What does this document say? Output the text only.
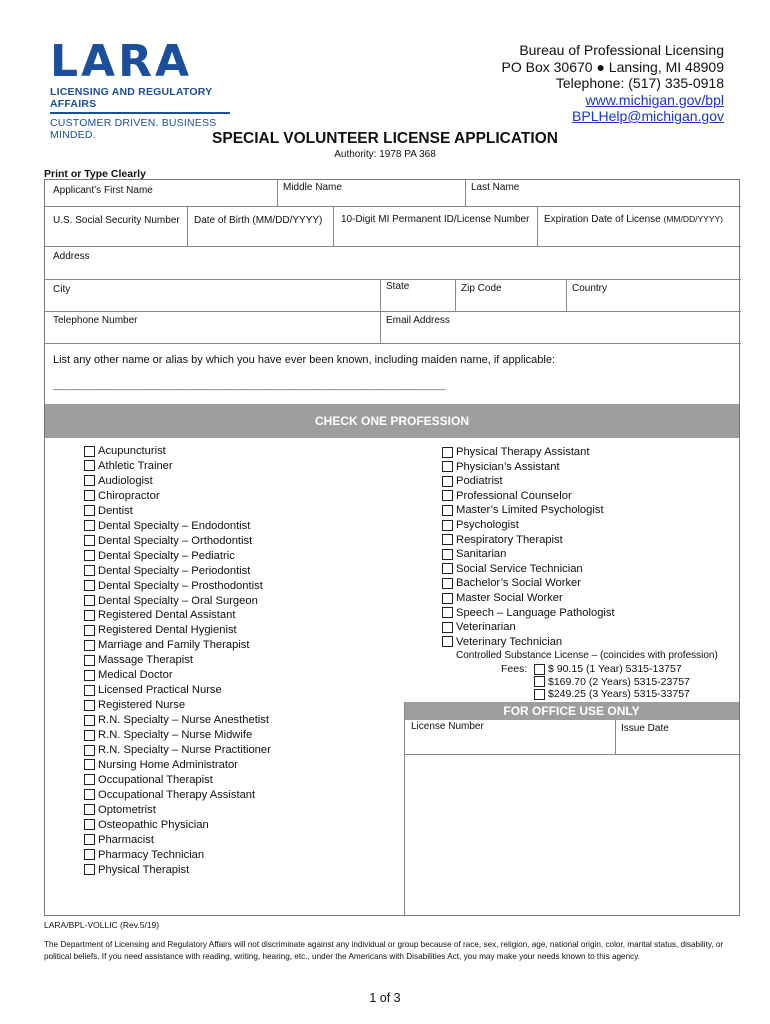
LARA
LICENSING AND REGULATORY AFFAIRS
CUSTOMER DRIVEN. BUSINESS MINDED.
Bureau of Professional Licensing
PO Box 30670 ● Lansing, MI 48909
Telephone: (517) 335-0918
www.michigan.gov/bpl
BPLHelp@michigan.gov
SPECIAL VOLUNTEER LICENSE APPLICATION
Authority: 1978 PA 368
Print or Type Clearly
Applicant’s First Name	Middle Name	Last Name
U.S. Social Security Number Date of Birth (MM/DD/YYYY) 10-Digit MI Permanent ID/License Number Expiration Date of License (MM/DD/YYYY)
Address
City	State	Zip Code	Country
Telephone Number	Email Address
List any other name or alias by which you have ever been known, including maiden name, if applicable:
_________________________________________________________________________________________
CHECK ONE PROFESSION
Acupuncturist
Athletic Trainer
Audiologist
Chiropractor
Dentist
Dental Specialty – Endodontist
Dental Specialty – Orthodontist
Dental Specialty – Pediatric
Dental Specialty – Periodontist
Dental Specialty – Prosthodontist
Dental Specialty – Oral Surgeon
Registered Dental Assistant
Registered Dental Hygienist
Marriage and Family Therapist
Massage Therapist
Medical Doctor
Licensed Practical Nurse
Registered Nurse
R.N. Specialty – Nurse Anesthetist
R.N. Specialty – Nurse Midwife
R.N. Specialty – Nurse Practitioner
Nursing Home Administrator
Occupational Therapist
Occupational Therapy Assistant
Optometrist
Osteopathic Physician
Pharmacist
Pharmacy Technician
Physical Therapist
Physical Therapy Assistant
Physician’s Assistant
Podiatrist
Professional Counselor
Master’s Limited Psychologist
Psychologist
Respiratory Therapist
Sanitarian
Social Service Technician
Bachelor’s Social Worker
Master Social Worker
Speech – Language Pathologist
Veterinarian
Veterinary Technician
Controlled Substance License – (coincides with profession)
Fees: $ 90.15 (1 Year) 5315-13757
$169.70 (2 Years) 5315-23757
$249.25 (3 Years) 5315-33757
FOR OFFICE USE ONLY
License Number	Issue Date
LARA/BPL-VOLLIC (Rev.5/19)
The Department of Licensing and Regulatory Affairs will not discriminate against any individual or group because of race, sex, religion, age, national origin, color, marital status, disability, or political beliefs. If you need assistance with reading, writing, hearing, etc., under the Americans with Disabilities Act, you may make your needs known to this agency.
1 of 3
